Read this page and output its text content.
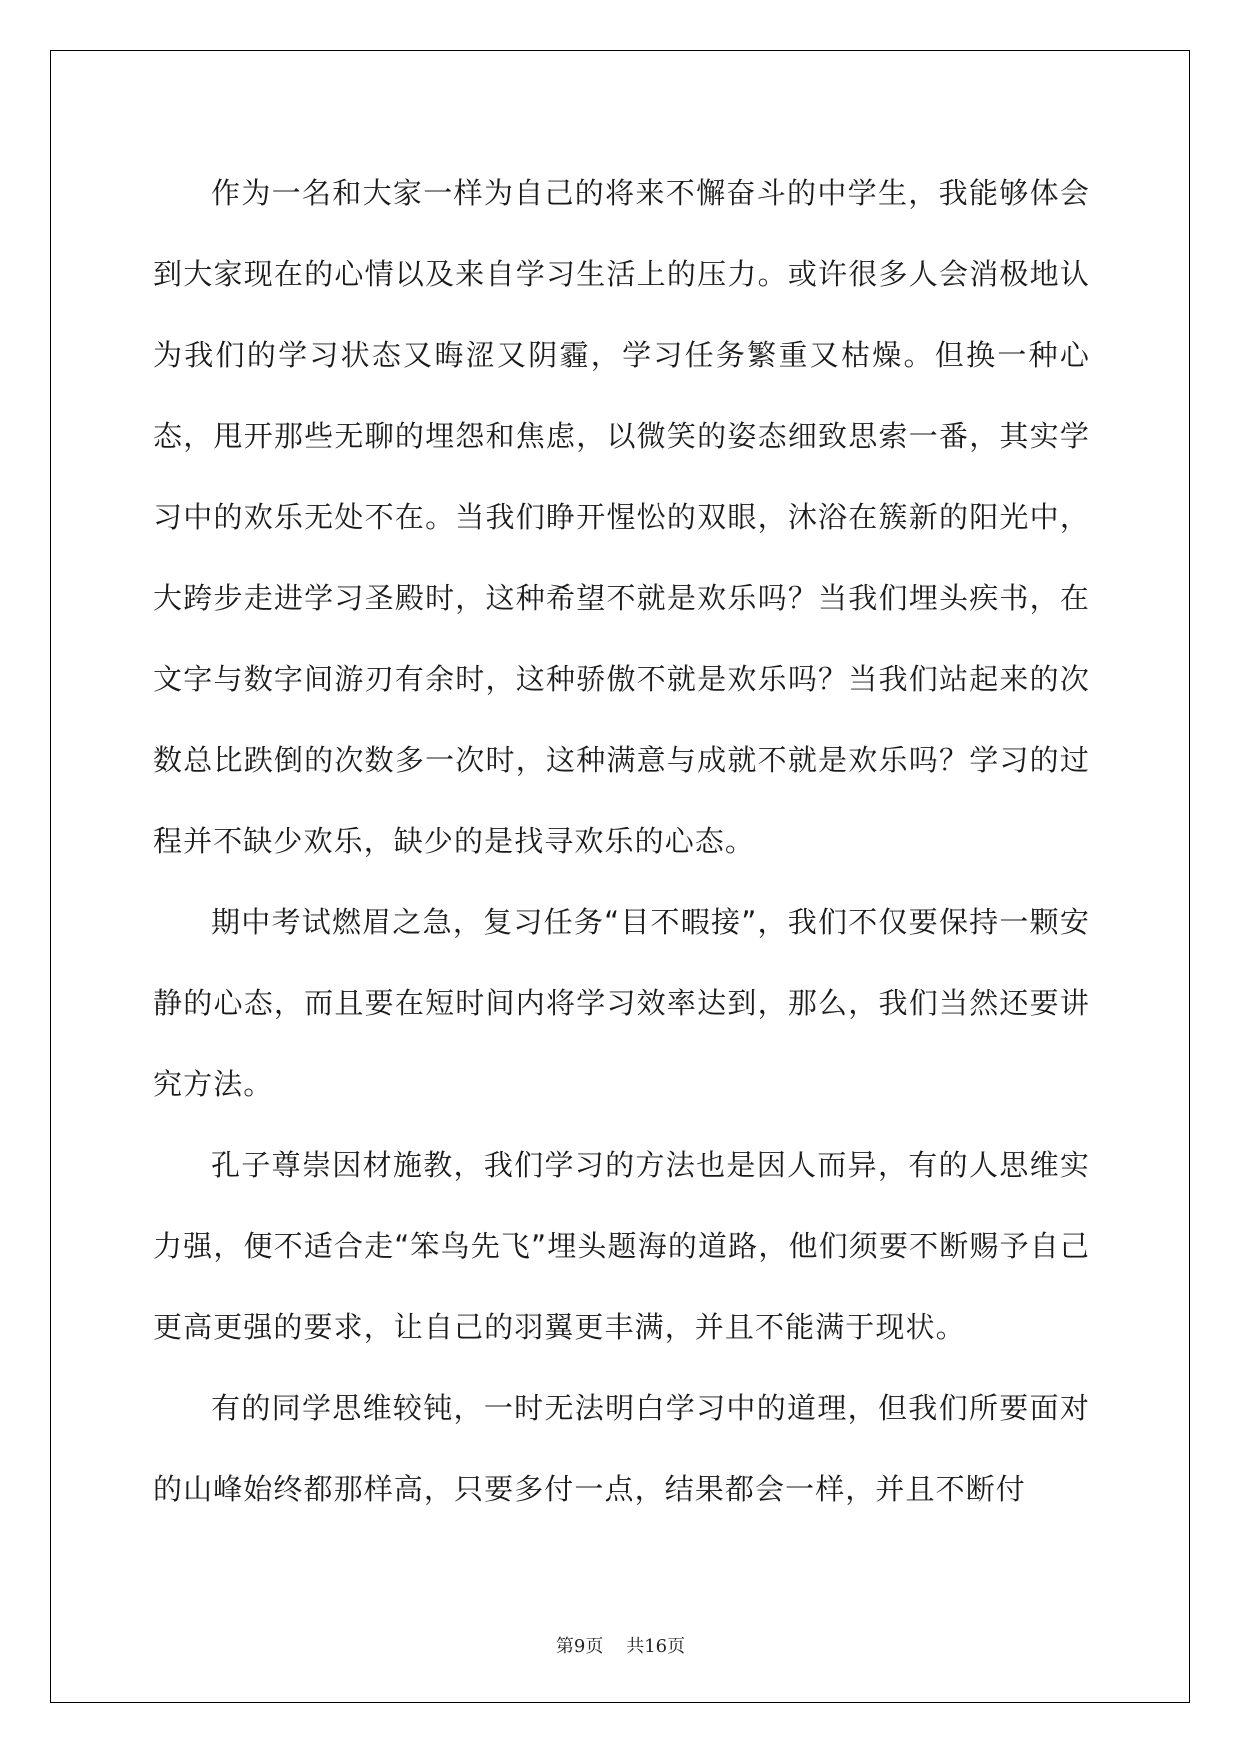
作为一名和大家一样为自己的将来不懈奋斗的中学生，我能够体会到大家现在的心情以及来自学习生活上的压力。或许很多人会消极地认为我们的学习状态又晦涩又阴霾，学习任务繁重又枯燥。但换一种心态，甩开那些无聊的埋怨和焦虑，以微笑的姿态细致思索一番，其实学习中的欢乐无处不在。当我们睁开惺忪的双眼，沐浴在簇新的阳光中，大跨步走进学习圣殿时，这种希望不就是欢乐吗？当我们埋头疾书，在文字与数字间游刃有余时，这种骄傲不就是欢乐吗？当我们站起来的次数总比跌倒的次数多一次时，这种满意与成就不就是欢乐吗？学习的过程并不缺少欢乐，缺少的是找寻欢乐的心态。

期中考试燃眉之急，复习任务“目不暇接”，我们不仅要保持一颗安静的心态，而且要在短时间内将学习效率达到，那么，我们当然还要讲究方法。

孔子尊崇因材施教，我们学习的方法也是因人而异，有的人思维实力强，便不适合走“笨鸟先飞”埋头题海的道路，他们须要不断赐予自己更高更强的要求，让自己的羽翼更丰满，并且不能满于现状。

有的同学思维较钝，一时无法明白学习中的道理，但我们所要面对的山峰始终都那样高，只要多付一点，结果都会一样，并且不断付

第9页 共16页
